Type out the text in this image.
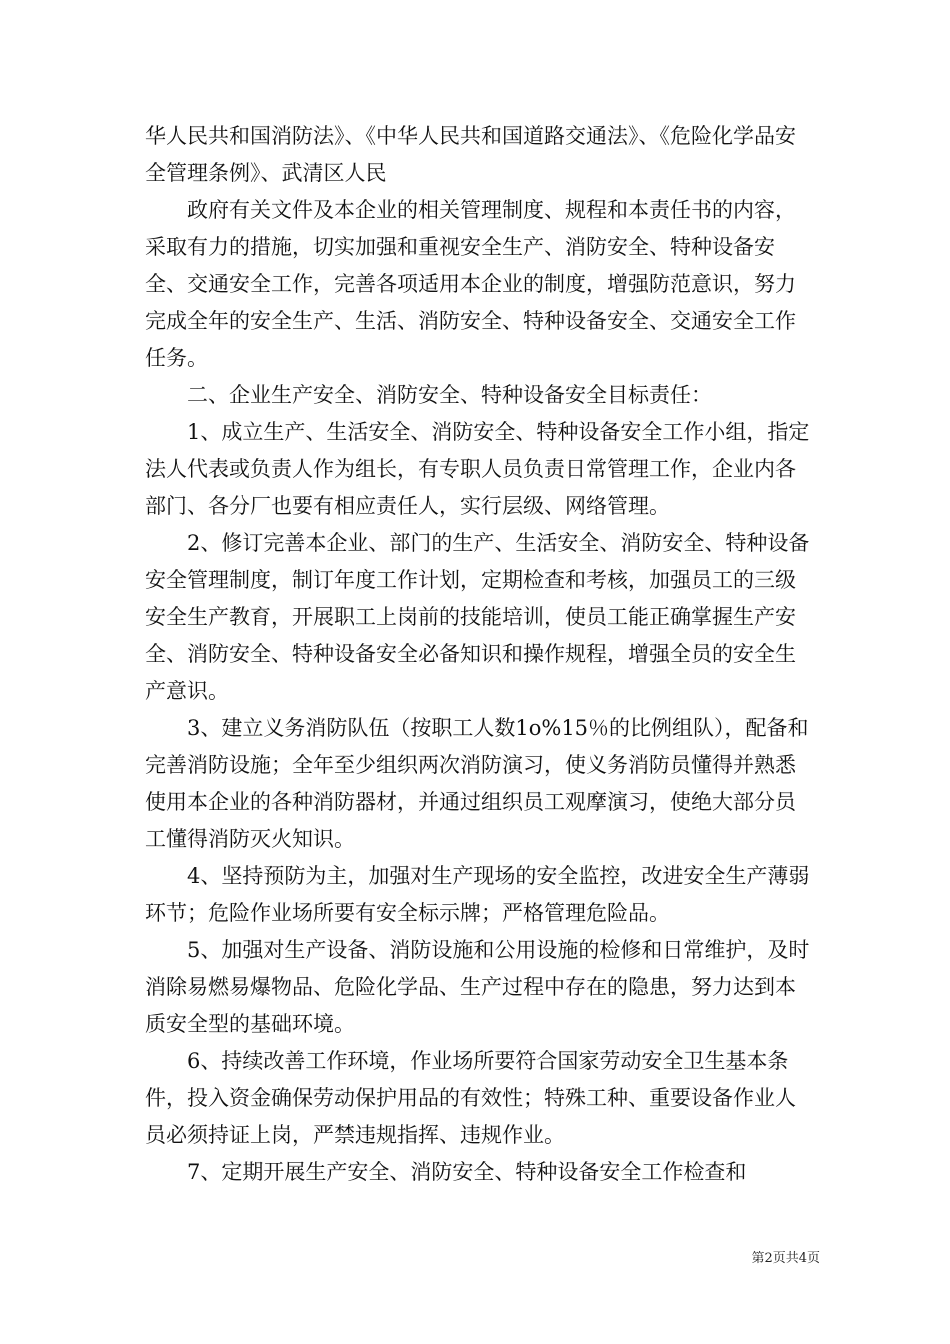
华人民共和国消防法》、《中华人民共和国道路交通法》、《危险化学品安全管理条例》、武清区人民

　　政府有关文件及本企业的相关管理制度、规程和本责任书的内容，采取有力的措施，切实加强和重视安全生产、消防安全、特种设备安全、交通安全工作，完善各项适用本企业的制度，增强防范意识，努力完成全年的安全生产、生活、消防安全、特种设备安全、交通安全工作任务。

　　二、企业生产安全、消防安全、特种设备安全目标责任：

　　1、成立生产、生活安全、消防安全、特种设备安全工作小组，指定法人代表或负责人作为组长，有专职人员负责日常管理工作，企业内各部门、各分厂也要有相应责任人，实行层级、网络管理。

　　2、修订完善本企业、部门的生产、生活安全、消防安全、特种设备安全管理制度，制订年度工作计划，定期检查和考核，加强员工的三级安全生产教育，开展职工上岗前的技能培训，使员工能正确掌握生产安全、消防安全、特种设备安全必备知识和操作规程，增强全员的安全生产意识。

　　3、建立义务消防队伍（按职工人数1o%15％的比例组队），配备和完善消防设施；全年至少组织两次消防演习，使义务消防员懂得并熟悉使用本企业的各种消防器材，并通过组织员工观摩演习，使绝大部分员工懂得消防灭火知识。

　　4、坚持预防为主，加强对生产现场的安全监控，改进安全生产薄弱环节；危险作业场所要有安全标示牌；严格管理危险品。

　　5、加强对生产设备、消防设施和公用设施的检修和日常维护，及时消除易燃易爆物品、危险化学品、生产过程中存在的隐患，努力达到本质安全型的基础环境。

　　6、持续改善工作环境，作业场所要符合国家劳动安全卫生基本条件，投入资金确保劳动保护用品的有效性；特殊工种、重要设备作业人员必须持证上岗，严禁违规指挥、违规作业。

　　7、定期开展生产安全、消防安全、特种设备安全工作检查和

第2页共4页
